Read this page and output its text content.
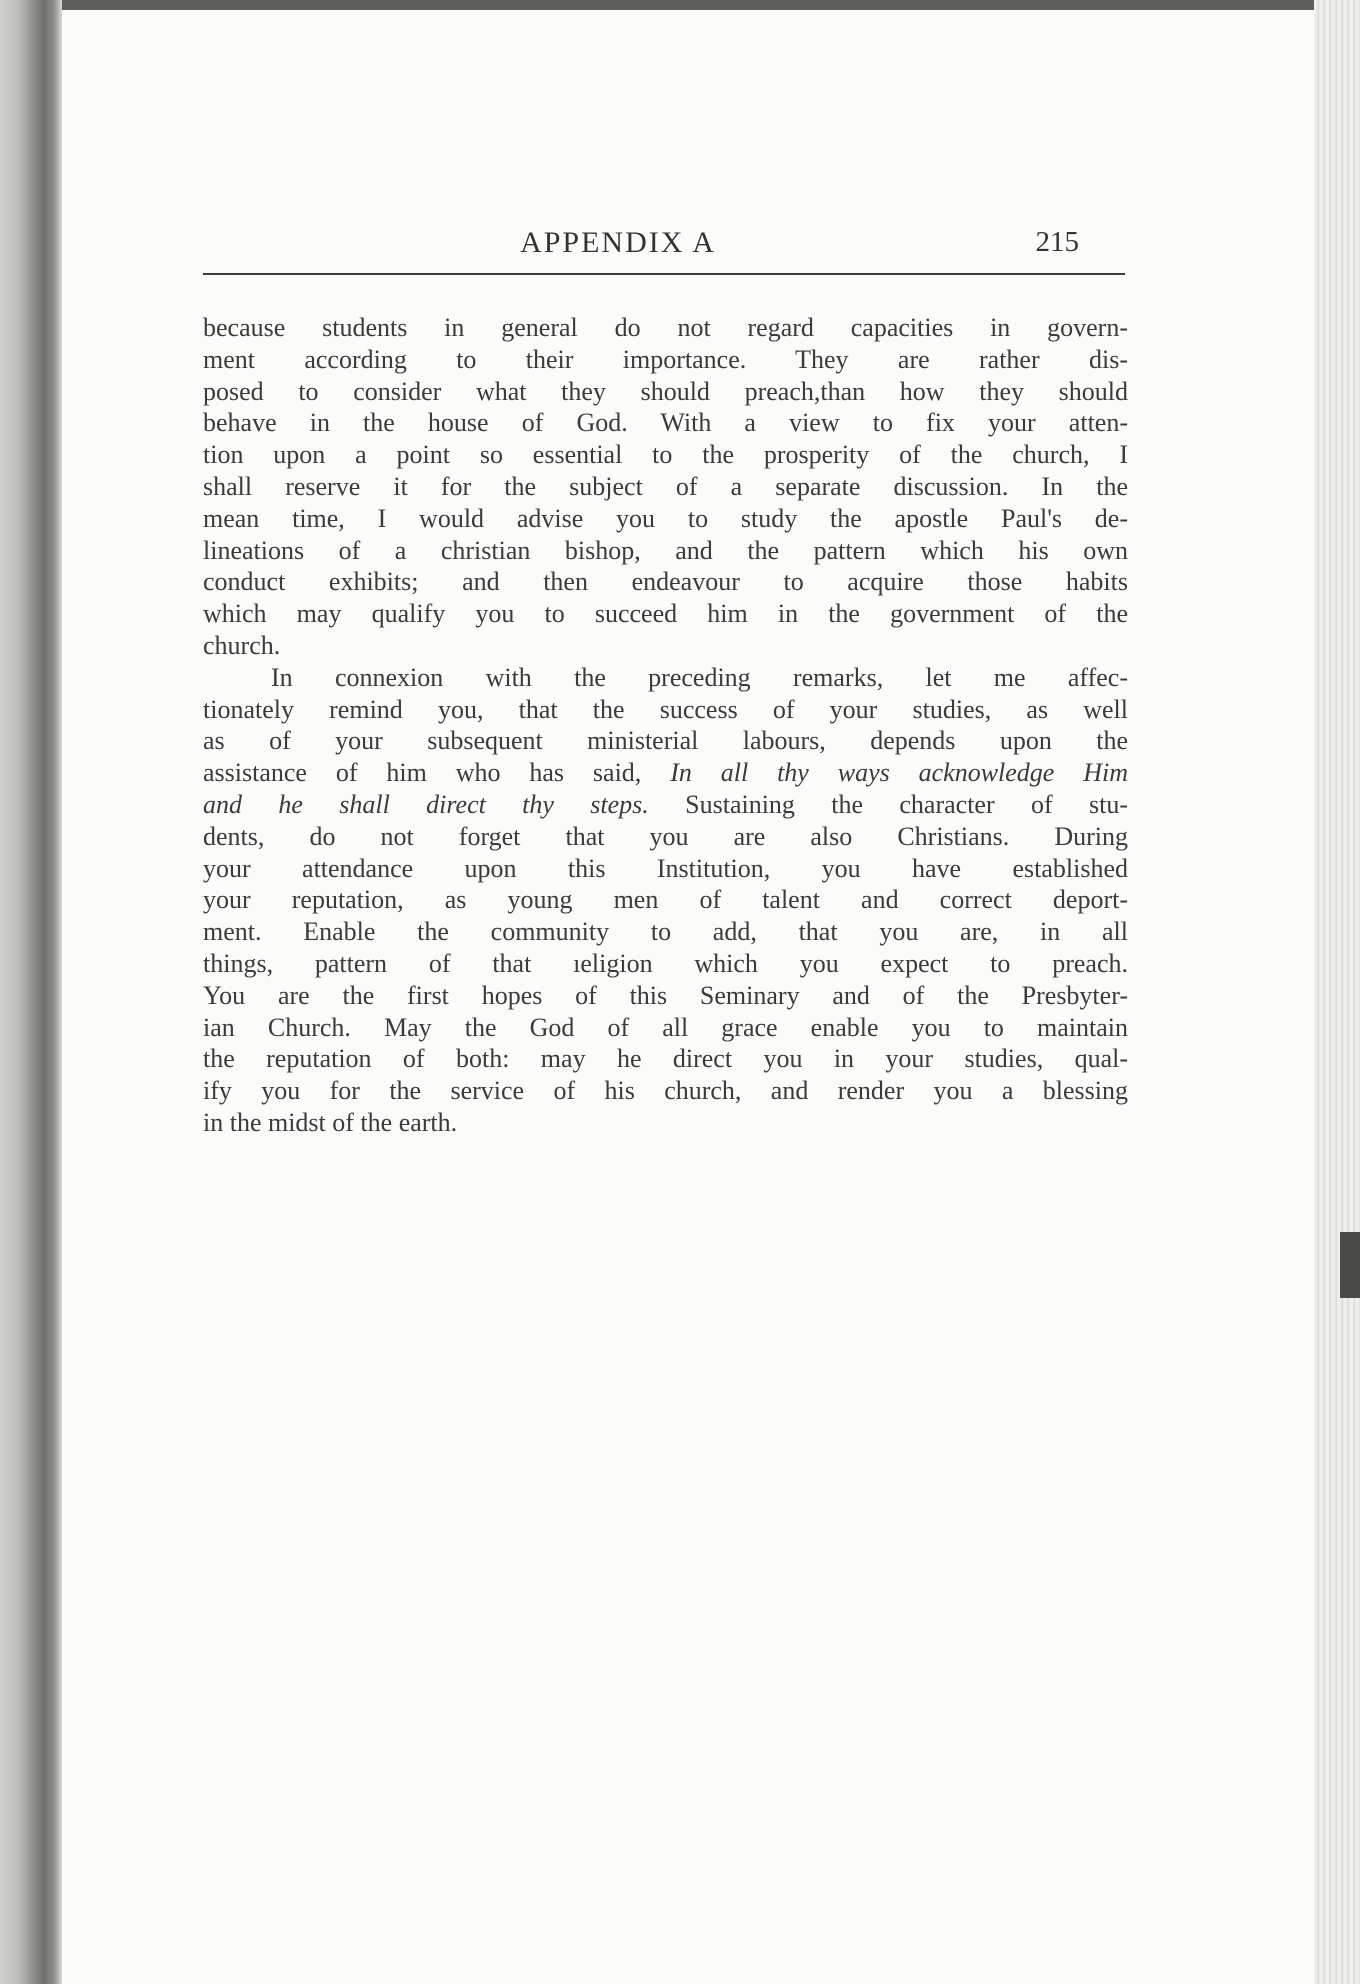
APPENDIX A	215
because students in general do not regard capacities in govern-
ment according to their importance. They are rather dis-
posed to consider what they should preach,than how they should
behave in the house of God. With a view to fix your atten-
tion upon a point so essential to the prosperity of the church, I
shall reserve it for the subject of a separate discussion. In the
mean time, I would advise you to study the apostle Paul's de-
lineations of a christian bishop, and the pattern which his own
conduct exhibits; and then endeavour to acquire those habits
which may qualify you to succeed him in the government of the
church.
In connexion with the preceding remarks, let me affec-
tionately remind you, that the success of your studies, as well
as of your subsequent ministerial labours, depends upon the
assistance of him who has said, In all thy ways acknowledge Him
and he shall direct thy steps. Sustaining the character of stu-
dents, do not forget that you are also Christians. During
your attendance upon this Institution, you have established
your reputation, as young men of talent and correct deport-
ment. Enable the community to add, that you are, in all
things, pattern of that ıeligion which you expect to preach.
You are the first hopes of this Seminary and of the Presbyter-
ian Church. May the God of all grace enable you to maintain
the reputation of both: may he direct you in your studies, qual-
ify you for the service of his church, and render you a blessing
in the midst of the earth.
